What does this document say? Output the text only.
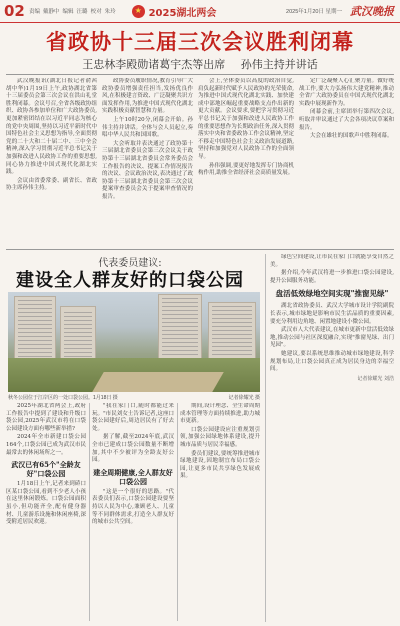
02 责编 戴静中 编辑 汪璐 校对 朱玲
★	2025湖北两会	2025年1月20日 星期一 武汉晚报
省政协十三届三次会议胜利闭幕
王忠林李殿勋诸葛宇杰等出席 孙伟主持并讲话

武汉晚报讯(湖北日报记者俞茜 胡中华)1月19日上午,政协湖北省第十三届委员会第三次会议在洪山礼堂胜利闭幕。会议号召,全省各级政协组织、政协各参加单位和广大政协委员,更加紧密团结在以习近平同志为核心的党中央周围,坚持以习近平新时代中国特色社会主义思想为指导,全面贯彻党的二十大和二十届二中、三中全会精神,深入学习贯彻习近平总书记关于加强和改进人民政协工作的重要思想,同心协力推进中国式现代化湖北实践。

会议由省委常委、副省长、省政协主席孙伟主持。

政协委员履职情况,教育引导广大政协委员增强责任担当,发扬优良作风,在积极建言资政、广泛凝聚共识方面发挥作用,为推进中国式现代化湖北实践积极贡献智慧和力量。

上午10时20分,闭幕会开始。孙伟主持并讲话。全体与会人员起立,奏唱中华人民共和国国歌。

大会听取并表决通过了政协第十三届湖北省委员会第三次会议关于政协第十三届湖北省委员会常务委员会工作报告的决议、提案工作情况报告的决议、会议政治决议,表决通过了政协第十三届湖北省委员会第三次会议提案审查委员会关于提案审查情况的报告。

会上,全体委员以高度的政治自觉,肩负起新时代赋予人民政协的光荣使命,为推进中国式现代化湖北实践、加快建成中部地区崛起重要战略支点作出新的更大贡献。会议要求,要把学习贯彻习近平总书记关于加强和改进人民政协工作的重要思想作为长期政治任务,深入贯彻落实中央和省委政协工作会议精神,坚定不移走中国特色社会主义政治发展道路,坚持和加强党对人民政协工作的全面领导。

孙伟强调,要更好地发挥专门协商机构作用,助推全省经济社会高质量发展。

定广泛凝聚人心汇聚力量。做好统战工作,要大力弘扬伟大建党精神,推动全省广大政协委员在中国式现代化湖北实践中展现新作为。

闭幕会前,主席团举行第四次会议,听取并审议通过了大会各项决议草案和报告。

大会在雄壮的国歌声中胜利闭幕。

代表委员建议:
建设全人群友好的口袋公园
秋冬公园位于江岸区的一处口袋公园。1月18日 摄	记者徐耀光 摄

2025年湖北省两会上,政府工作报告中提到了建设和升级口袋公园,2025年武汉市将在口袋公园建设方面有哪些新举措?

2024年全市新建口袋公园164个,口袋公园已成为武汉市民最常去的休闲场所之一。

武汉已有65个"全龄友好"口袋公园

1月18日上午,记者来到硚口区某口袋公园,看到不少老人小孩在这里休闲锻炼。口袋公园面积虽小,但功能齐全,配有健身器材、儿童游乐设施和休闲座椅,深受附近居民欢迎。

"我在家门口,随时都能过来玩。"市民刘女士告诉记者,这座口袋公园建好后,周边居民有了好去处。

据了解,截至2024年底,武汉全市已建成口袋公园数量不断增加,其中不少被评为全龄友好公园。

建全周期健康,全人群友好口袋公园

"这是一个很好的思路。"代表委员们表示,口袋公园建设要坚持以人民为中心,兼顾老人、儿童等不同群体需求,打造全人群友好的城市公共空间。

期间,设计理念、全生命周期成本管理等方面持续推进,助力城市更新。

口袋公园建设应注重规划引领,加强公园绿地体系建设,提升城市品质与居民幸福感。

委员们建议,要统筹推进城市绿地建设,因地制宜布局口袋公园,让更多市民共享绿色发展成果。

绿色空间建设,让市民在家门口就能享受自然之美。

据介绍,今年武汉将进一步推进口袋公园建设,提升公园服务功能。

盘活低效绿地空间实现"推窗见绿"

湖北省政协委员、武汉大学城市设计学院副院长表示,城市绿地是影响市民生活品质的重要因素,要充分利用边角地、闲置地建设小微公园。

武汉市人大代表建议,在城市更新中盘活低效绿地,推动公园与社区深度融合,实现"推窗见绿、出门见园"。

她建议,要以系统思维推动城市绿地建设,科学规划布局,让口袋公园真正成为居民身边的幸福空间。

记者徐耀光 刘浩
